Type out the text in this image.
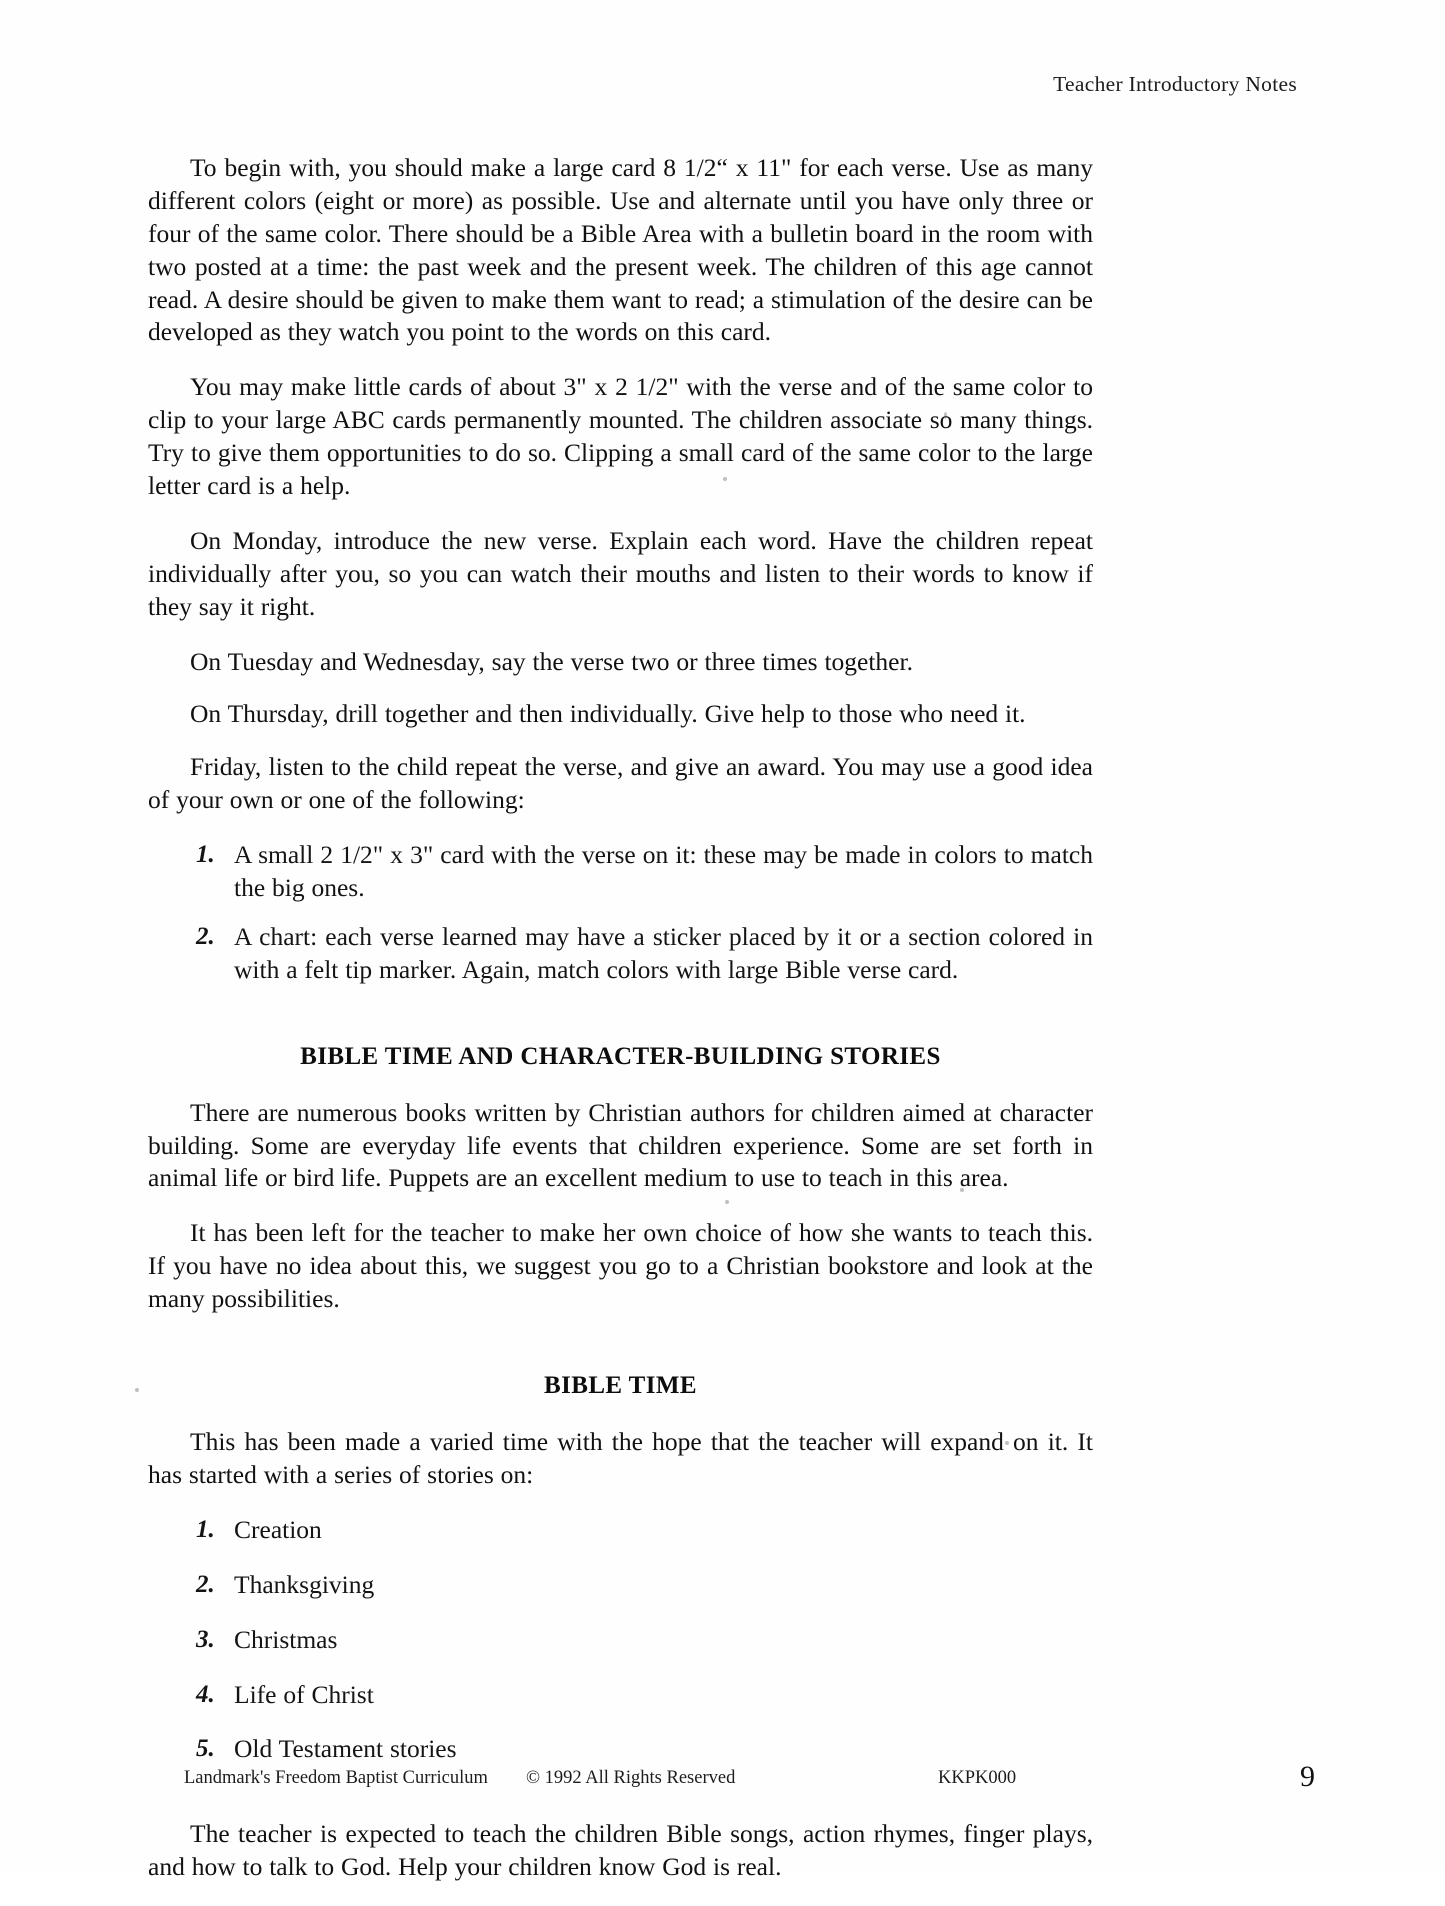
Teacher Introductory Notes

To begin with, you should make a large card 8 1/2“ x 11" for each verse. Use as many different colors (eight or more) as possible. Use and alternate until you have only three or four of the same color. There should be a Bible Area with a bulletin board in the room with two posted at a time: the past week and the present week. The children of this age cannot read. A desire should be given to make them want to read; a stimulation of the desire can be developed as they watch you point to the words on this card.

You may make little cards of about 3" x 2 1/2" with the verse and of the same color to clip to your large ABC cards permanently mounted. The children associate so many things. Try to give them opportunities to do so. Clipping a small card of the same color to the large letter card is a help.

On Monday, introduce the new verse. Explain each word. Have the children repeat individually after you, so you can watch their mouths and listen to their words to know if they say it right.

On Tuesday and Wednesday, say the verse two or three times together.

On Thursday, drill together and then individually. Give help to those who need it.

Friday, listen to the child repeat the verse, and give an award. You may use a good idea of your own or one of the following:

1. A small 2 1/2" x 3" card with the verse on it: these may be made in colors to match the big ones.
2. A chart: each verse learned may have a sticker placed by it or a section colored in with a felt tip marker. Again, match colors with large Bible verse card.
BIBLE TIME AND CHARACTER-BUILDING STORIES

There are numerous books written by Christian authors for children aimed at character building. Some are everyday life events that children experience. Some are set forth in animal life or bird life. Puppets are an excellent medium to use to teach in this area.

It has been left for the teacher to make her own choice of how she wants to teach this. If you have no idea about this, we suggest you go to a Christian bookstore and look at the many possibilities.

BIBLE TIME

This has been made a varied time with the hope that the teacher will expand on it. It has started with a series of stories on:

1. Creation
2. Thanksgiving
3. Christmas
4. Life of Christ
5. Old Testament stories

The teacher is expected to teach the children Bible songs, action rhymes, finger plays, and how to talk to God. Help your children know God is real.

Landmark's Freedom Baptist Curriculum © 1992 All Rights Reserved	KKPK000	9
